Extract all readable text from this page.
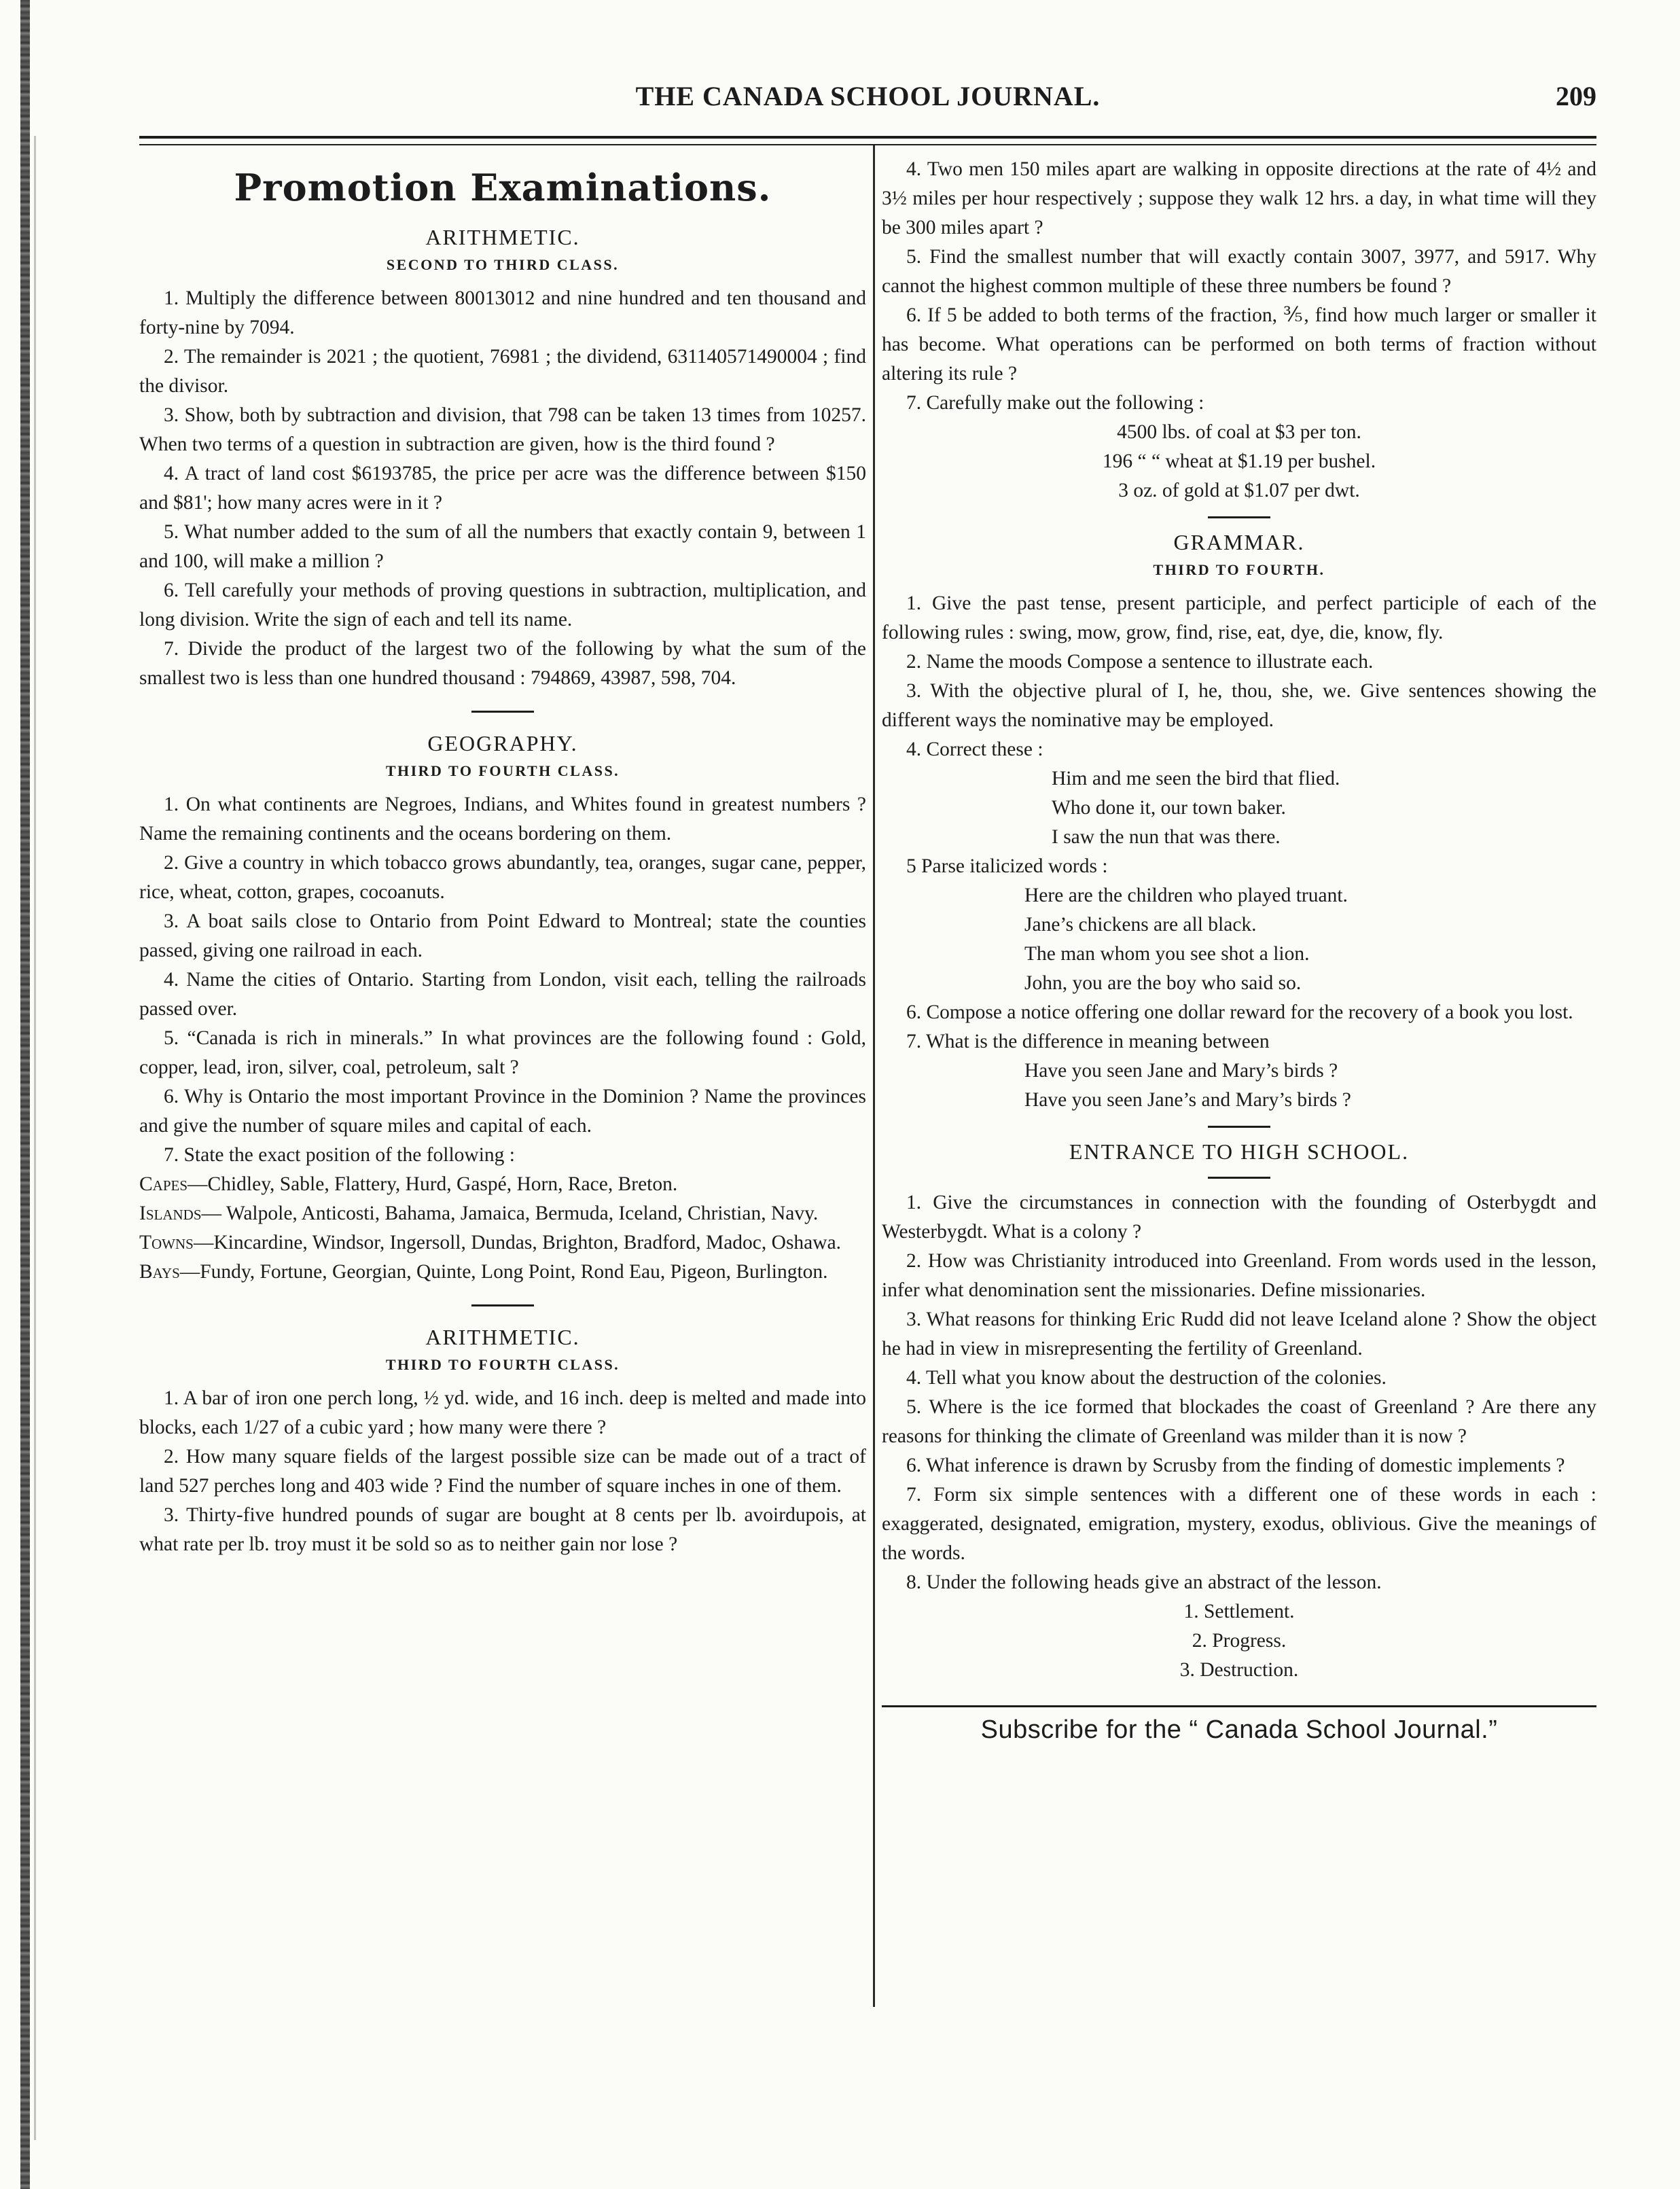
THE CANADA SCHOOL JOURNAL.	209
Promotion Examinations.
ARITHMETIC.
SECOND TO THIRD CLASS.

1. Multiply the difference between 80013012 and nine hundred and ten thousand and forty-nine by 7094.

2. The remainder is 2021 ; the quotient, 76981 ; the dividend, 631140571490004 ; find the divisor.

3. Show, both by subtraction and division, that 798 can be taken 13 times from 10257. When two terms of a question in subtraction are given, how is the third found ?

4. A tract of land cost $6193785, the price per acre was the difference between $150 and $81'; how many acres were in it ?

5. What number added to the sum of all the numbers that exactly contain 9, between 1 and 100, will make a million ?

6. Tell carefully your methods of proving questions in subtraction, multiplication, and long division. Write the sign of each and tell its name.

7. Divide the product of the largest two of the following by what the sum of the smallest two is less than one hundred thousand : 794869, 43987, 598, 704.

GEOGRAPHY.
THIRD TO FOURTH CLASS.

1. On what continents are Negroes, Indians, and Whites found in greatest numbers ? Name the remaining continents and the oceans bordering on them.

2. Give a country in which tobacco grows abundantly, tea, oranges, sugar cane, pepper, rice, wheat, cotton, grapes, cocoanuts.

3. A boat sails close to Ontario from Point Edward to Montreal; state the counties passed, giving one railroad in each.

4. Name the cities of Ontario. Starting from London, visit each, telling the railroads passed over.

5. “Canada is rich in minerals.” In what provinces are the following found : Gold, copper, lead, iron, silver, coal, petroleum, salt ?

6. Why is Ontario the most important Province in the Dominion ? Name the provinces and give the number of square miles and capital of each.

7. State the exact position of the following :

Capes—Chidley, Sable, Flattery, Hurd, Gaspé, Horn, Race, Breton.

Islands— Walpole, Anticosti, Bahama, Jamaica, Bermuda, Iceland, Christian, Navy.

Towns—Kincardine, Windsor, Ingersoll, Dundas, Brighton, Bradford, Madoc, Oshawa.

Bays—Fundy, Fortune, Georgian, Quinte, Long Point, Rond Eau, Pigeon, Burlington.

ARITHMETIC.
THIRD TO FOURTH CLASS.

1. A bar of iron one perch long, ½ yd. wide, and 16 inch. deep is melted and made into blocks, each 1/27 of a cubic yard ; how many were there ?

2. How many square fields of the largest possible size can be made out of a tract of land 527 perches long and 403 wide ? Find the number of square inches in one of them.

3. Thirty-five hundred pounds of sugar are bought at 8 cents per lb. avoirdupois, at what rate per lb. troy must it be sold so as to neither gain nor lose ?

4. Two men 150 miles apart are walking in opposite directions at the rate of 4½ and 3½ miles per hour respectively ; suppose they walk 12 hrs. a day, in what time will they be 300 miles apart ?

5. Find the smallest number that will exactly contain 3007, 3977, and 5917. Why cannot the highest common multiple of these three numbers be found ?

6. If 5 be added to both terms of the fraction, ⅗, find how much larger or smaller it has become. What operations can be performed on both terms of fraction without altering its rule ?

7. Carefully make out the following :

4500 lbs. of coal at $3 per ton.

196 “ “ wheat at $1.19 per bushel.

3 oz. of gold at $1.07 per dwt.

GRAMMAR.
THIRD TO FOURTH.

1. Give the past tense, present participle, and perfect participle of each of the following rules : swing, mow, grow, find, rise, eat, dye, die, know, fly.

2. Name the moods Compose a sentence to illustrate each.

3. With the objective plural of I, he, thou, she, we. Give sentences showing the different ways the nominative may be employed.

4. Correct these :

Him and me seen the bird that flied.

Who done it, our town baker.

I saw the nun that was there.

5 Parse italicized words :

Here are the children who played truant.

Jane’s chickens are all black.

The man whom you see shot a lion.

John, you are the boy who said so.

6. Compose a notice offering one dollar reward for the recovery of a book you lost.

7. What is the difference in meaning between

Have you seen Jane and Mary’s birds ?

Have you seen Jane’s and Mary’s birds ?

ENTRANCE TO HIGH SCHOOL.

1. Give the circumstances in connection with the founding of Osterbygdt and Westerbygdt. What is a colony ?

2. How was Christianity introduced into Greenland. From words used in the lesson, infer what denomination sent the missionaries. Define missionaries.

3. What reasons for thinking Eric Rudd did not leave Iceland alone ? Show the object he had in view in misrepresenting the fertility of Greenland.

4. Tell what you know about the destruction of the colonies.

5. Where is the ice formed that blockades the coast of Greenland ? Are there any reasons for thinking the climate of Greenland was milder than it is now ?

6. What inference is drawn by Scrusby from the finding of domestic implements ?

7. Form six simple sentences with a different one of these words in each : exaggerated, designated, emigration, mystery, exodus, oblivious. Give the meanings of the words.

8. Under the following heads give an abstract of the lesson.

1. Settlement.

2. Progress.

3. Destruction.

Subscribe for the “ Canada School Journal.”
